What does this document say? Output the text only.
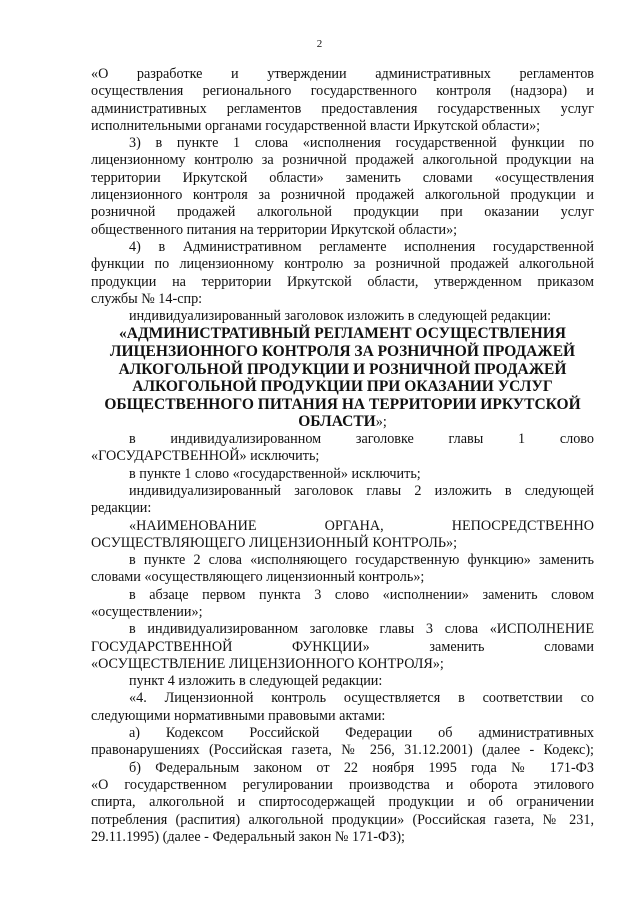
2
«О разработке и утверждении административных регламентов
осуществления регионального государственного контроля (надзора) и
административных регламентов предоставления государственных услуг
исполнительными органами государственной власти Иркутской области»;
3) в пункте 1 слова «исполнения государственной функции по
лицензионному контролю за розничной продажей алкогольной продукции на
территории Иркутской области» заменить словами «осуществления
лицензионного контроля за розничной продажей алкогольной продукции и
розничной продажей алкогольной продукции при оказании услуг
общественного питания на территории Иркутской области»;
4) в Административном регламенте исполнения государственной
функции по лицензионному контролю за розничной продажей алкогольной
продукции на территории Иркутской области, утвержденном приказом
службы № 14-спр:
индивидуализированный заголовок изложить в следующей редакции:
«АДМИНИСТРАТИВНЫЙ РЕГЛАМЕНТ ОСУЩЕСТВЛЕНИЯ
ЛИЦЕНЗИОННОГО КОНТРОЛЯ ЗА РОЗНИЧНОЙ ПРОДАЖЕЙ
АЛКОГОЛЬНОЙ ПРОДУКЦИИ И РОЗНИЧНОЙ ПРОДАЖЕЙ
АЛКОГОЛЬНОЙ ПРОДУКЦИИ ПРИ ОКАЗАНИИ УСЛУГ
ОБЩЕСТВЕННОГО ПИТАНИЯ НА ТЕРРИТОРИИ ИРКУТСКОЙ
ОБЛАСТИ»;
в индивидуализированном заголовке главы 1 слово
«ГОСУДАРСТВЕННОЙ» исключить;
в пункте 1 слово «государственной» исключить;
индивидуализированный заголовок главы 2 изложить в следующей
редакции:
«НАИМЕНОВАНИЕ ОРГАНА, НЕПОСРЕДСТВЕННО
ОСУЩЕСТВЛЯЮЩЕГО ЛИЦЕНЗИОННЫЙ КОНТРОЛЬ»;
в пункте 2 слова «исполняющего государственную функцию» заменить
словами «осуществляющего лицензионный контроль»;
в абзаце первом пункта 3 слово «исполнении» заменить словом
«осуществлении»;
в индивидуализированном заголовке главы 3 слова «ИСПОЛНЕНИЕ
ГОСУДАРСТВЕННОЙ ФУНКЦИИ» заменить словами
«ОСУЩЕСТВЛЕНИЕ ЛИЦЕНЗИОННОГО КОНТРОЛЯ»;
пункт 4 изложить в следующей редакции:
«4. Лицензионной контроль осуществляется в соответствии со
следующими нормативными правовыми актами:
а) Кодексом Российской Федерации об административных
правонарушениях (Российская газета, № 256, 31.12.2001) (далее - Кодекс);
б) Федеральным законом от 22 ноября 1995 года № 171-ФЗ
«О государственном регулировании производства и оборота этилового
спирта, алкогольной и спиртосодержащей продукции и об ограничении
потребления (распития) алкогольной продукции» (Российская газета, № 231,
29.11.1995) (далее - Федеральный закон № 171-ФЗ);
